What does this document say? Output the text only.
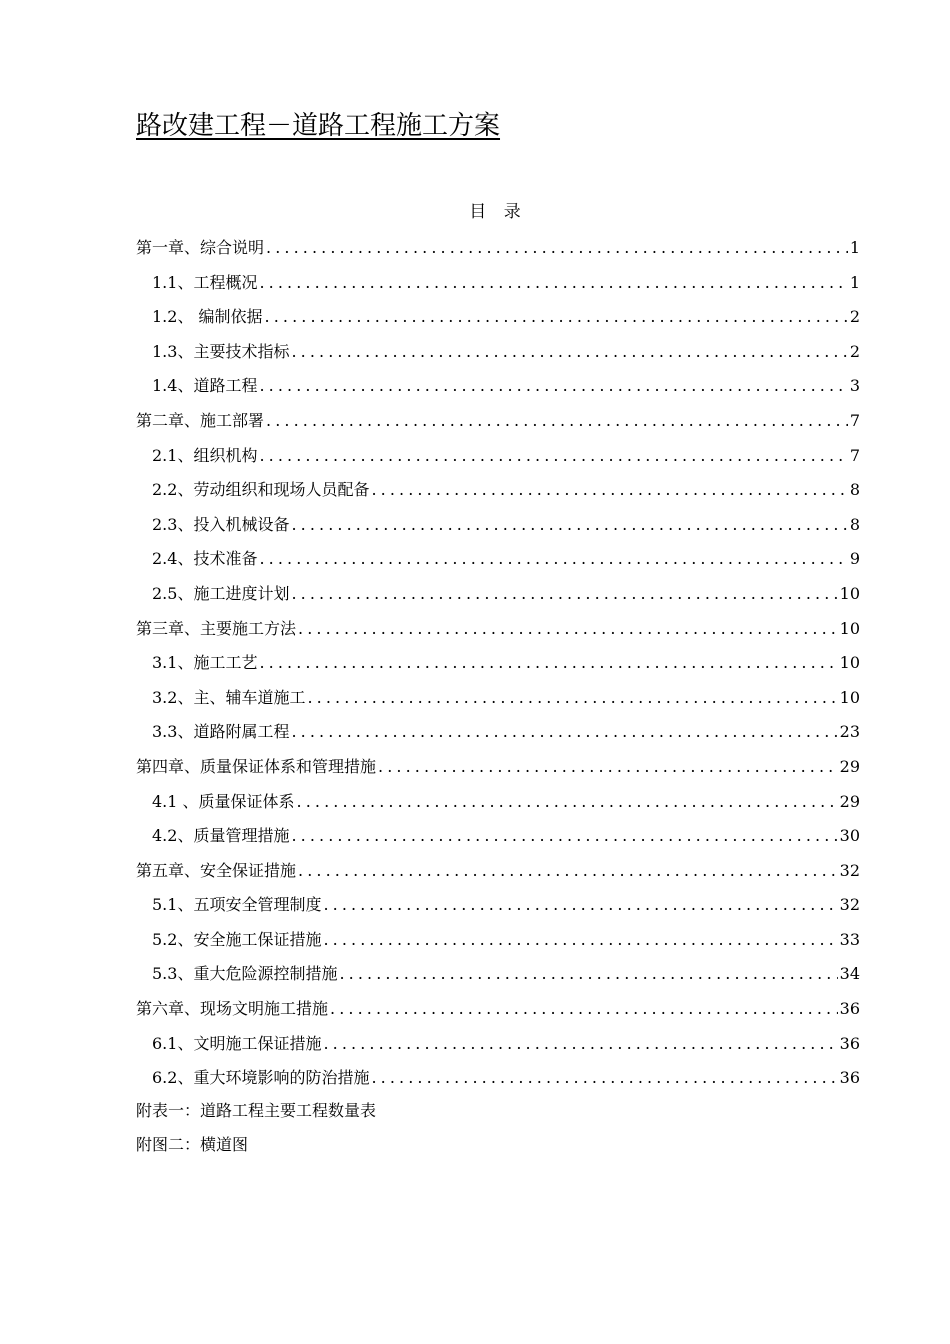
路改建工程－道路工程施工方案
目 录
第一章、综合说明 .....	1
1.1、工程概况 .....	1
1.2、 编制依据 .....	2
1.3、主要技术指标 .....	2
1.4、道路工程 .....	3
第二章、施工部署 .....	7
2.1、组织机构 .....	7
2.2、劳动组织和现场人员配备 .....	8
2.3、投入机械设备 .....	8
2.4、技术准备 .....	9
2.5、施工进度计划 .....	10
第三章、主要施工方法 .....	10
3.1、施工工艺 .....	10
3.2、主、辅车道施工 .....	10
3.3、道路附属工程 .....	23
第四章、质量保证体系和管理措施 .....	29
4.1 、质量保证体系 .....	29
4.2、质量管理措施 .....	30
第五章、安全保证措施 .....	32
5.1、五项安全管理制度 .....	32
5.2、安全施工保证措施 .....	33
5.3、重大危险源控制措施 .....	34
第六章、现场文明施工措施 .....	36
6.1、文明施工保证措施 .....	36
6.2、重大环境影响的防治措施 .....	36
附表一：道路工程主要工程数量表
附图二：横道图
